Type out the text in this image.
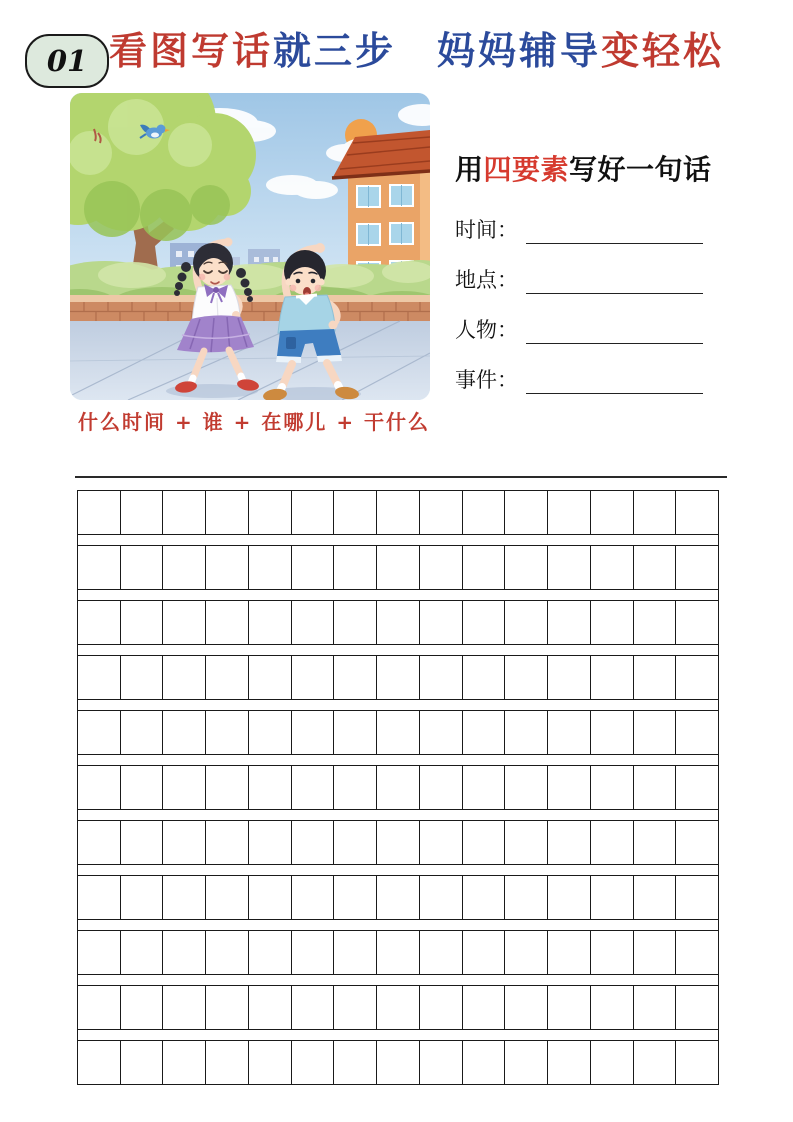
01 看图写话就三步　 妈妈辅导变轻松
什么时间 + 谁 + 在哪儿 + 干什么
用四要素写好一句话
时间：
地点：
人物：
事件：
